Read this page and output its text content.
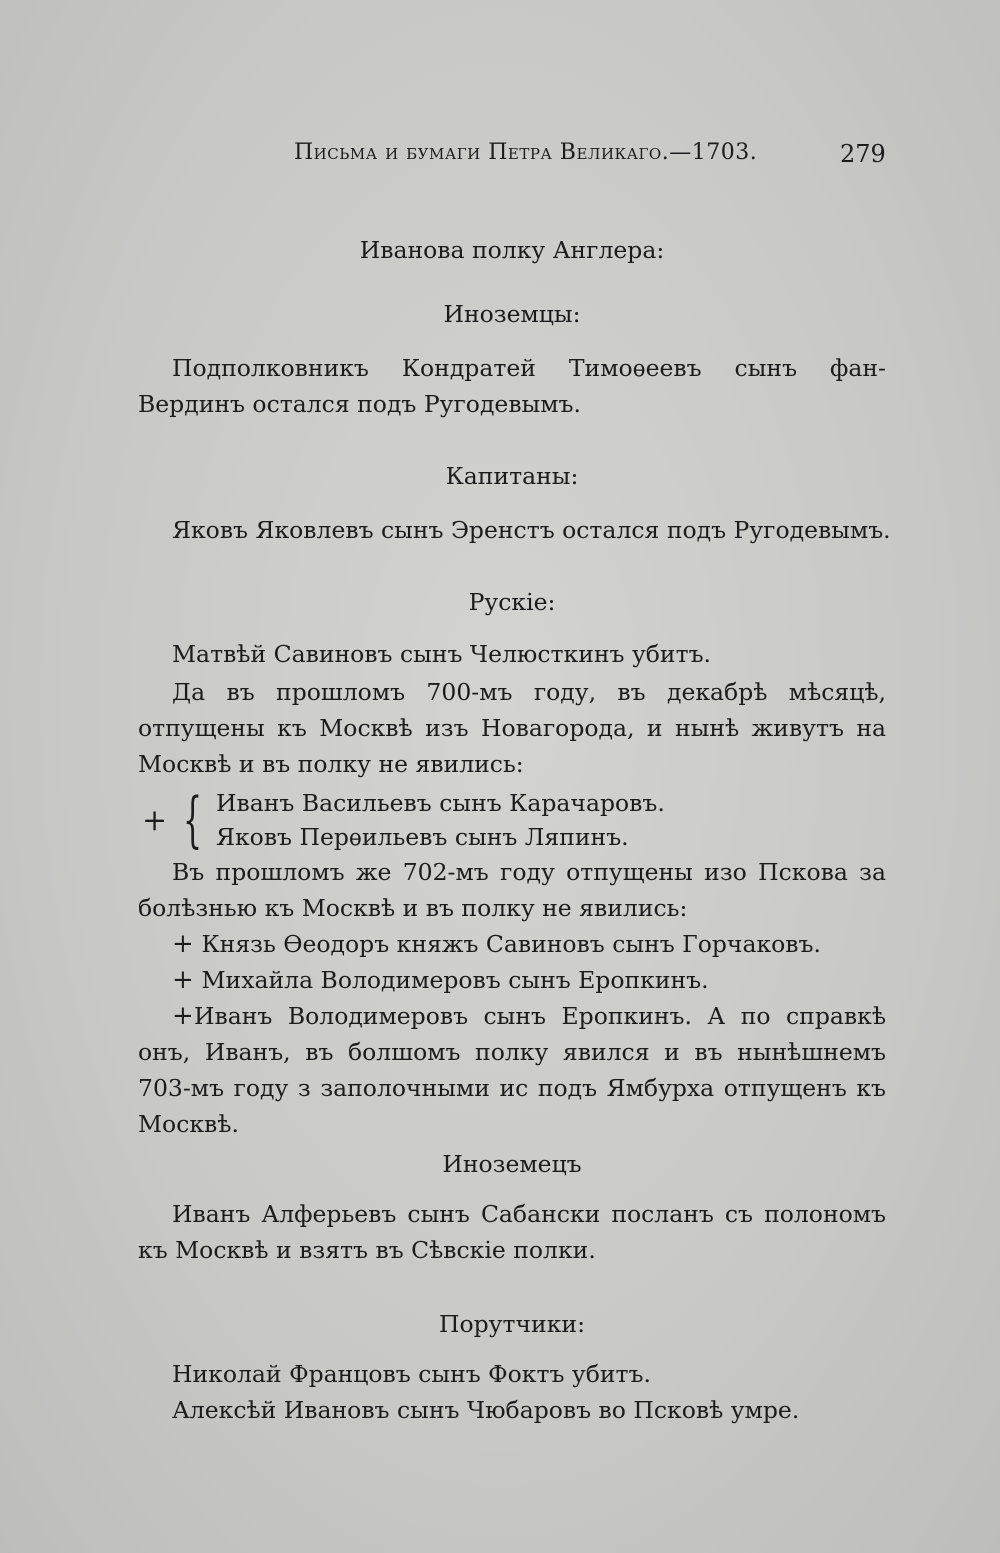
Письма и бумаги Петра Великаго.—1703.	279
Иванова полку Англера:
Иноземцы:
Подполковникъ Кондратей Тимоѳеевъ сынъ фан-Вердинъ остался подъ Ругодевымъ.
Капитаны:
Яковъ Яковлевъ сынъ Эренстъ остался подъ Ругодевымъ.
Рускіе:
Матвѣй Савиновъ сынъ Челюсткинъ убитъ.
Да въ прошломъ 700-мъ году, въ декабрѣ мѣсяцѣ, отпущены къ Москвѣ изъ Новагорода, и нынѣ живутъ на Москвѣ и въ полку не явились:
+ { Иванъ Васильевъ сынъ Карачаровъ.
Яковъ Перѳильевъ сынъ Ляпинъ.
Въ прошломъ же 702-мъ году отпущены изо Пскова за болѣзнью къ Москвѣ и въ полку не явились:
+ Князь Ѳеодоръ княжъ Савиновъ сынъ Горчаковъ.
+ Михайла Володимеровъ сынъ Еропкинъ.
+Иванъ Володимеровъ сынъ Еропкинъ. А по справкѣ онъ, Иванъ, въ болшомъ полку явился и въ нынѣшнемъ 703-мъ году з заполочными ис подъ Ямбурха отпущенъ къ Москвѣ.
Иноземецъ
Иванъ Алферьевъ сынъ Сабански посланъ съ полономъ къ Москвѣ и взятъ въ Сѣвскіе полки.
Порутчики:
Николай Францовъ сынъ Фоктъ убитъ.
Алексѣй Ивановъ сынъ Чюбаровъ во Псковѣ умре.
